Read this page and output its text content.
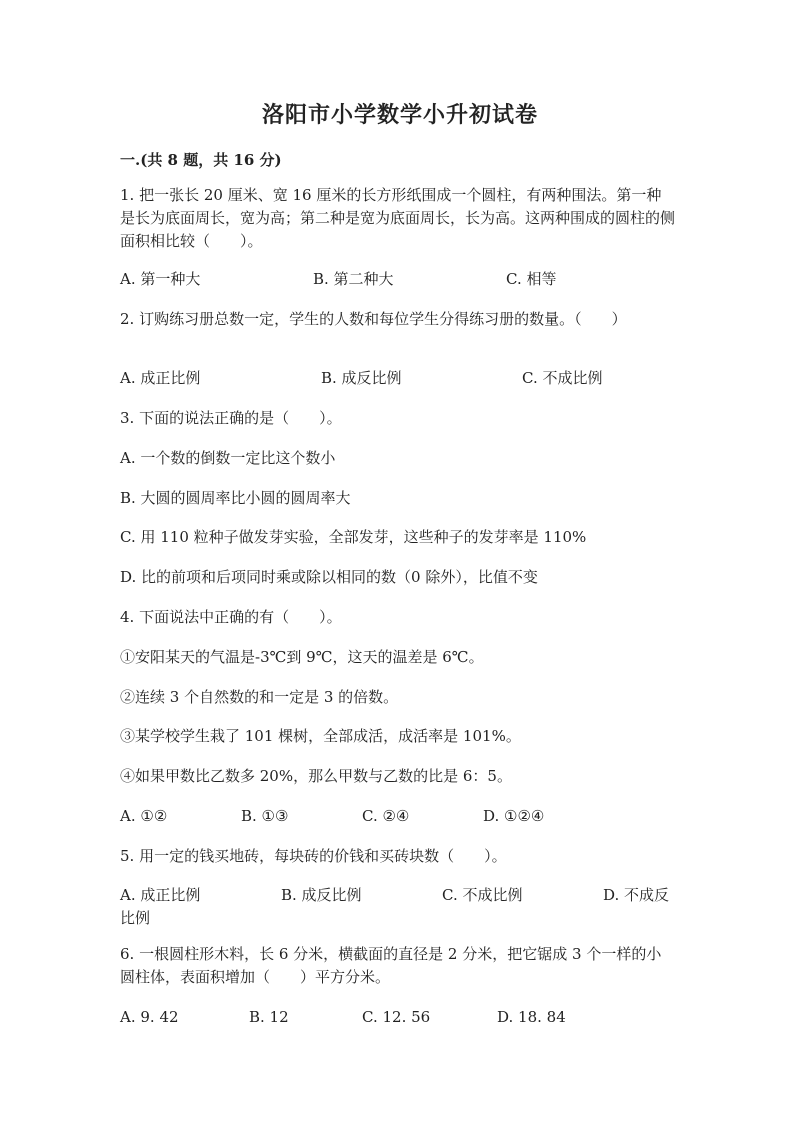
洛阳市小学数学小升初试卷
一.(共 8 题，共 16 分)
1. 把一张长 20 厘米、宽 16 厘米的长方形纸围成一个圆柱，有两种围法。第一种是长为底面周长，宽为高；第二种是宽为底面周长，长为高。这两种围成的圆柱的侧面积相比较（　　）。
A. 第一种大	B. 第二种大	C. 相等
2. 订购练习册总数一定，学生的人数和每位学生分得练习册的数量。（　　）
A. 成正比例	B. 成反比例	C. 不成比例
3. 下面的说法正确的是（　　）。
A. 一个数的倒数一定比这个数小
B. 大圆的圆周率比小圆的圆周率大
C. 用 110 粒种子做发芽实验，全部发芽，这些种子的发芽率是 110%
D. 比的前项和后项同时乘或除以相同的数（0 除外），比值不变
4. 下面说法中正确的有（　　）。
①安阳某天的气温是-3℃到 9℃，这天的温差是 6℃。
②连续 3 个自然数的和一定是 3 的倍数。
③某学校学生栽了 101 棵树，全部成活，成活率是 101%。
④如果甲数比乙数多 20%，那么甲数与乙数的比是 6：5。
A. ①②	B. ①③	C. ②④	D. ①②④
5. 用一定的钱买地砖，每块砖的价钱和买砖块数（　　）。
A. 成正比例	B. 成反比例	C. 不成比例	D. 不成反
比例
6. 一根圆柱形木料，长 6 分米，横截面的直径是 2 分米，把它锯成 3 个一样的小圆柱体，表面积增加（　　）平方分米。
A. 9. 42	B. 12	C. 12. 56	D. 18. 84
